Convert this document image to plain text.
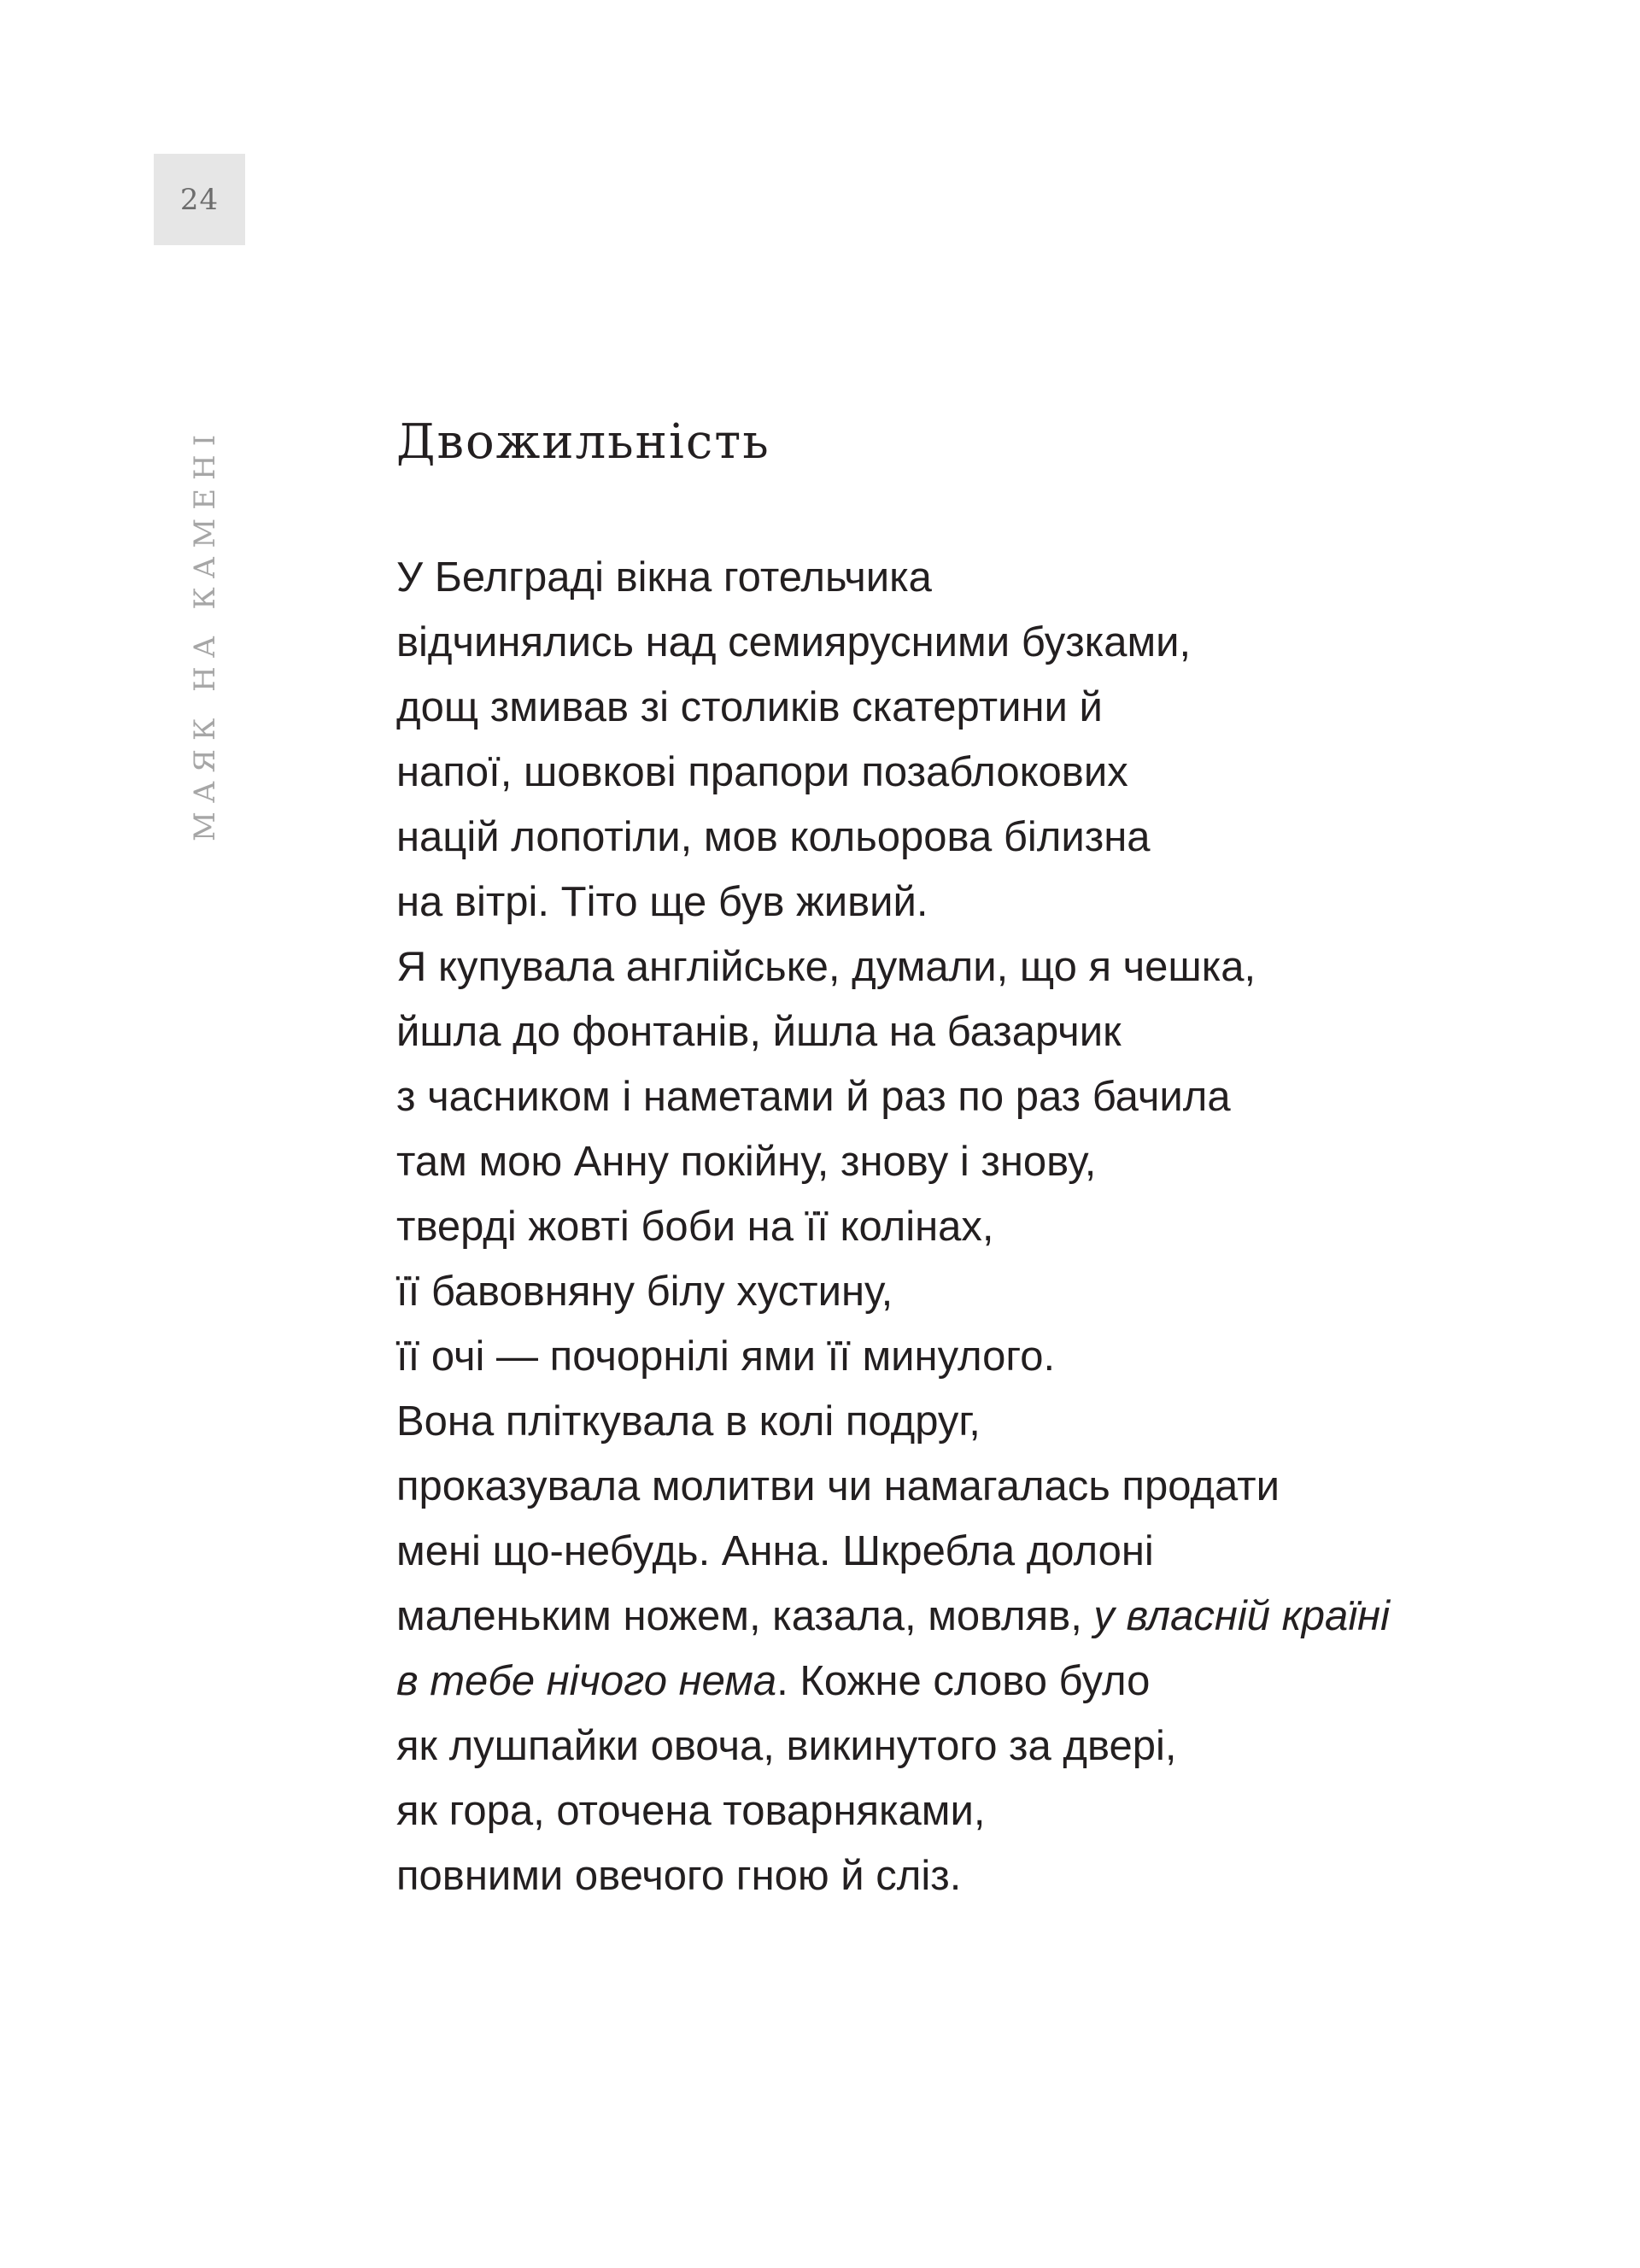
24
МАЯК НА КАМЕНІ	Двожильність
У Белграді вікна готельчика
відчинялись над семиярусними бузками,
дощ змивав зі столиків скатертини й
напої, шовкові прапори позаблокових
націй лопотіли, мов кольорова білизна
на вітрі. Тіто ще був живий.
Я купувала англійське, думали, що я чешка,
йшла до фонтанів, йшла на базарчик
з часником і наметами й раз по раз бачила
там мою Анну покійну, знову і знову,
тверді жовті боби на її колінах,
її бавовняну білу хустину,
її очі — почорнілі ями її минулого.
Вона пліткувала в колі подруг,
проказувала молитви чи намагалась продати
мені що-небудь. Анна. Шкребла долоні
маленьким ножем, казала, мовляв, у власній країні
в тебе нічого нема. Кожне слово було
як лушпайки овоча, викинутого за двері,
як гора, оточена товарняками,
повними овечого гною й сліз.
